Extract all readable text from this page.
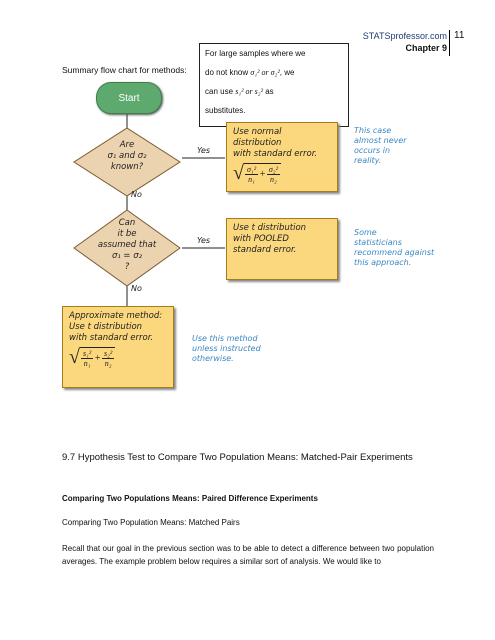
STATSprofessor.com
Chapter 9
11
Summary flow chart for methods:
For large samples where we
do not know σ₁² or σ₂², we
can use s₁² or s₂² as
substitutes.
Start
Are
σ₁ and σ₂
known?
Can
it be
assumed that
σ₁ = σ₂
?
Yes
Yes
No
No
Use normal distribution
with standard error.
√ $\frac{\text{σ₁²}}{\text{n₁}} + \frac{\text{σ₂²}}{\text{n₂}}$
Use t distribution
with POOLED
standard error.
Approximate method:
Use t distribution
with standard error.
√ $\frac{\text{s₁²}}{\text{n₁}} + \frac{\text{s₂²}}{\text{n₂}}$
This case
almost never
occurs in
reality.
Some
statisticians
recommend against
this approach.
Use this method
unless instructed
otherwise.
9.7 Hypothesis Test to Compare Two Population Means: Matched-Pair Experiments
Comparing Two Populations Means: Paired Difference Experiments
Comparing Two Population Means: Matched Pairs
Recall that our goal in the previous section was to be able to detect a difference between two population averages. The example problem below requires a similar sort of analysis. We would like to
